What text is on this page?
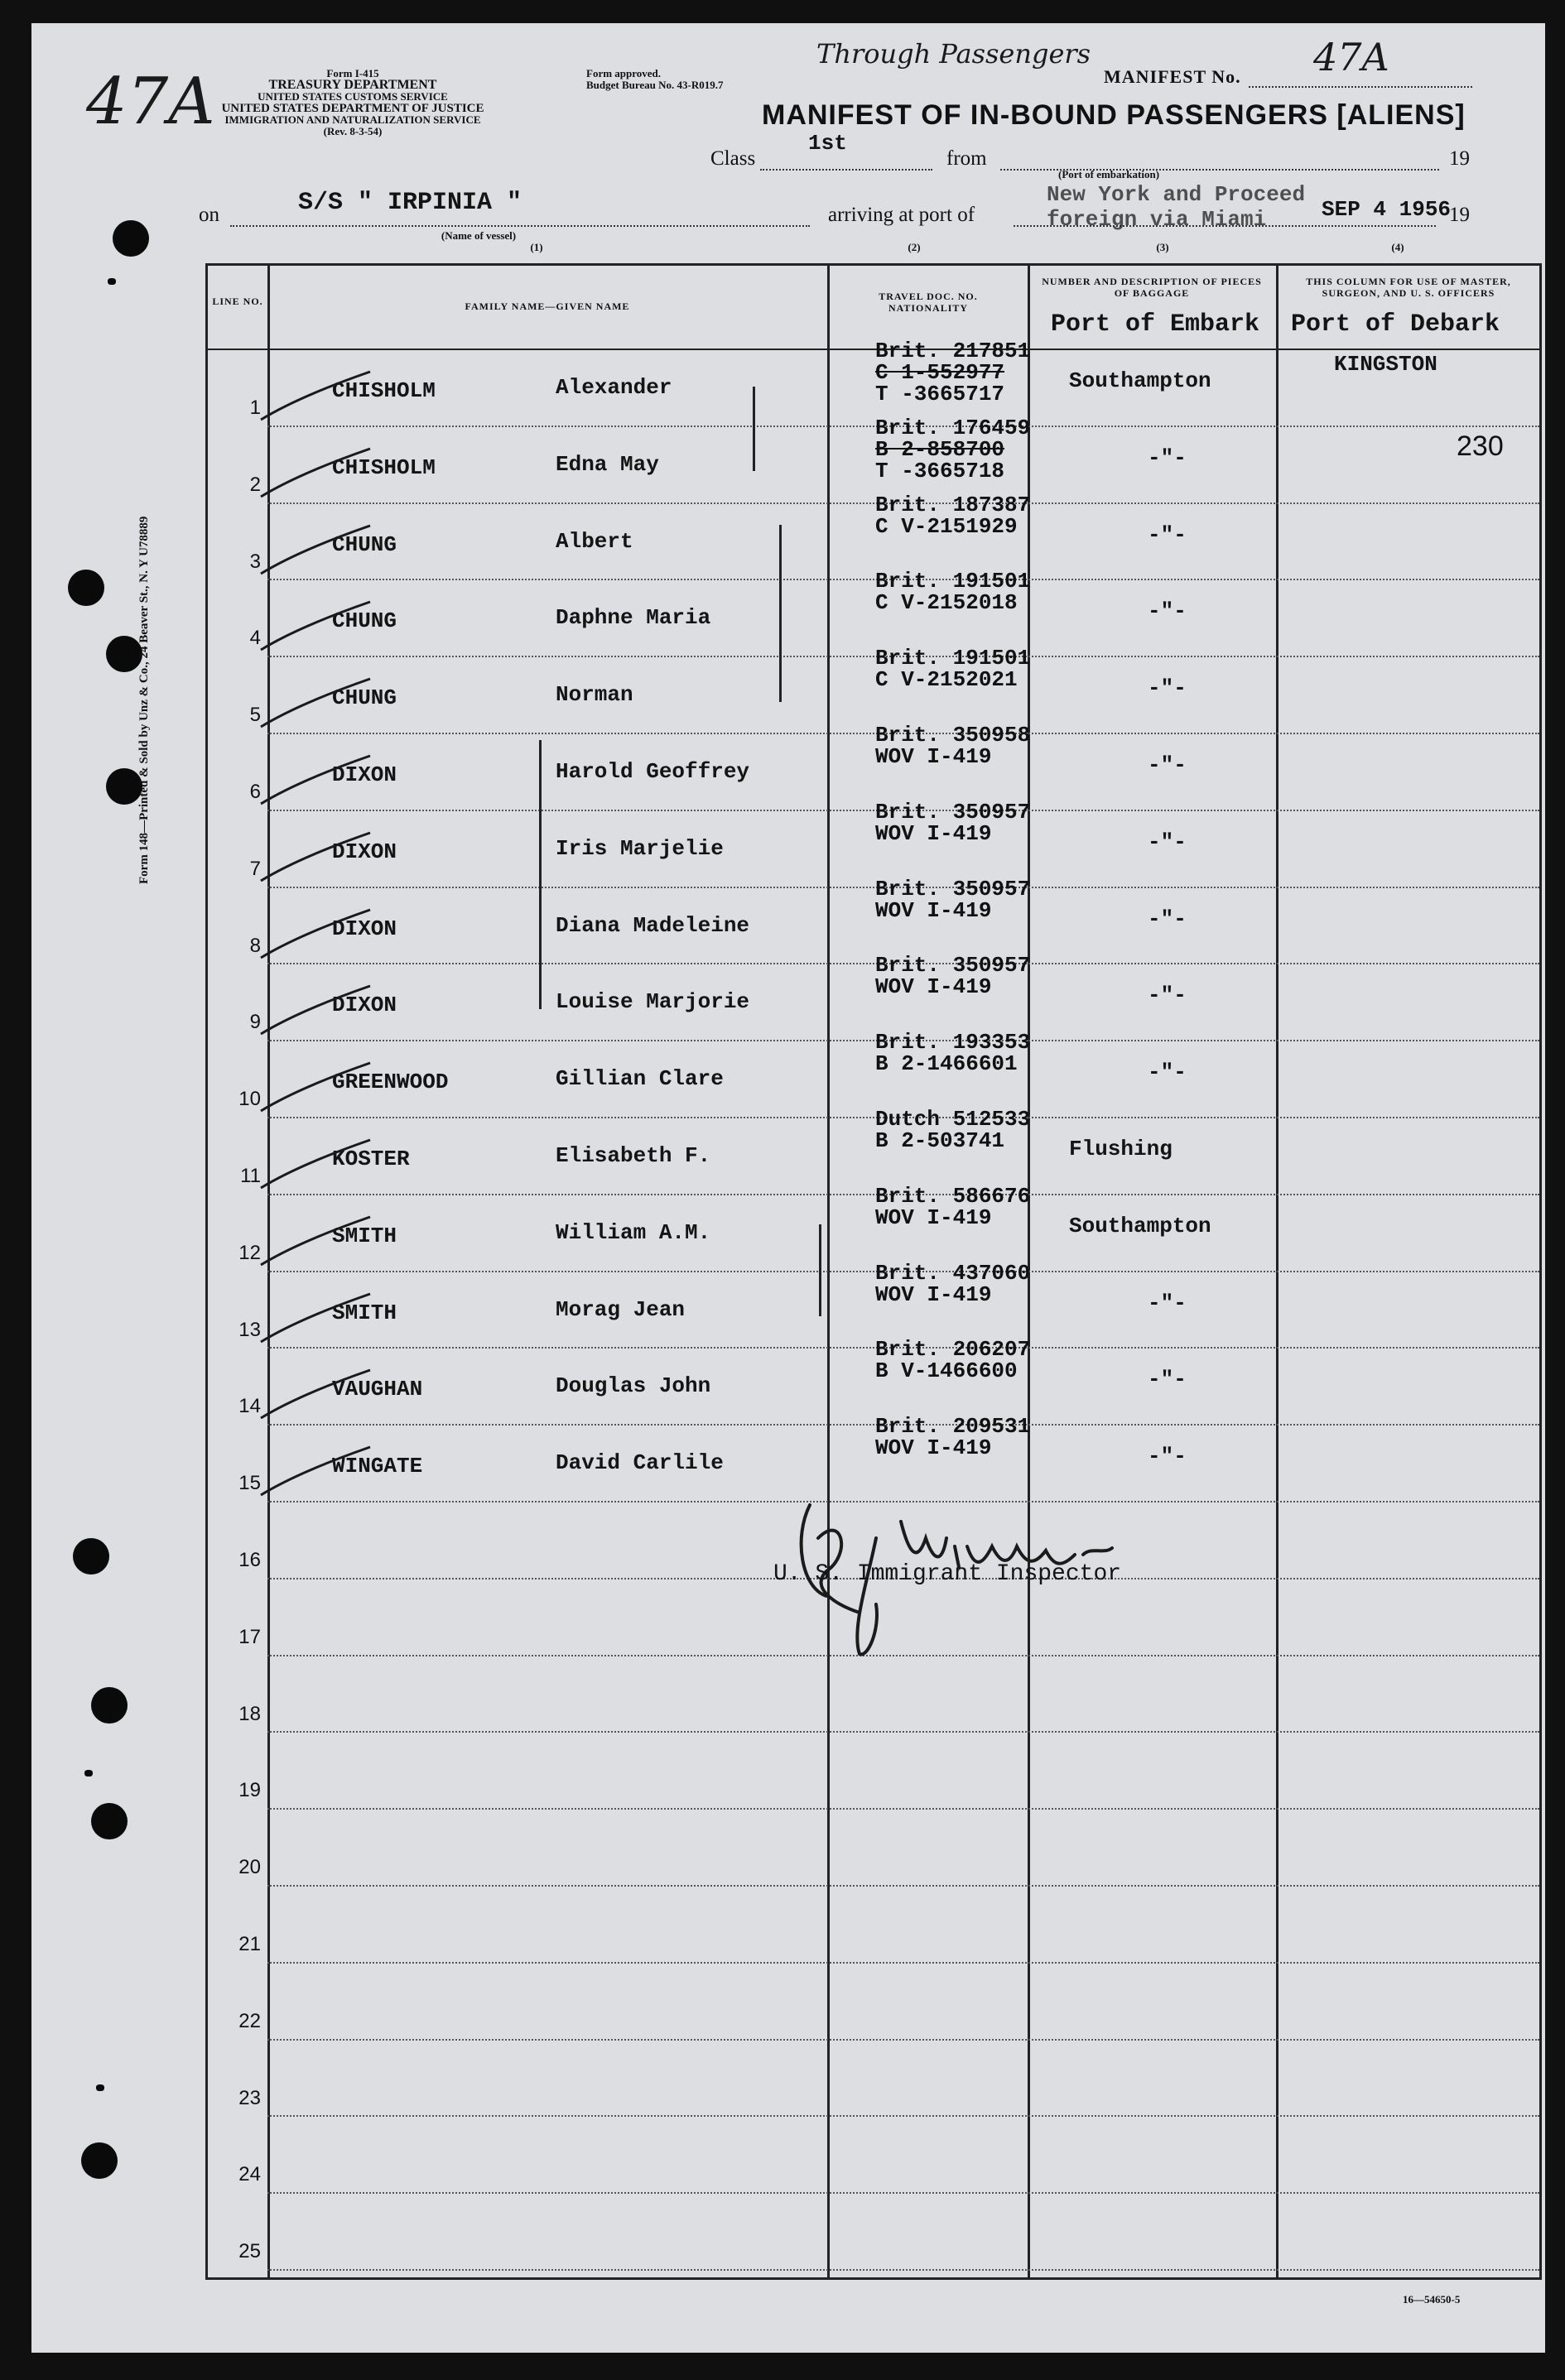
47A
Form 148—Printed & Sold by Unz & Co., 24 Beaver St., N. Y U78889
Form I-415
TREASURY DEPARTMENT
UNITED STATES CUSTOMS SERVICE
UNITED STATES DEPARTMENT OF JUSTICE
IMMIGRATION AND NATURALIZATION SERVICE
(Rev. 8-3-54)
Form approved.
Budget Bureau No. 43-R019.7
Through Passengers
MANIFEST No. 47A
MANIFEST OF IN-BOUND PASSENGERS [ALIENS]
Class
1st
from	19
on	S/S " IRPINIA "
(Name of vessel)
(1)
arriving at port of
(2)
(Port of embarkation)
New York and Proceed
foreign via Miami
(3)
SEP 4 1956
19
(4)
LINE NO.	FAMILY NAME—GIVEN NAME
TRAVEL DOC. NO. NATIONALITY
NUMBER AND DESCRIPTION OF PIECES OF BAGGAGE
Port of Embark
THIS COLUMN FOR USE OF MASTER, SURGEON, AND U. S. OFFICERS
Port of Debark
1
CHISHOLM	Alexander
Brit. 217851
C 1-552977
T -3665717
Southampton
KINGSTON
2
CHISHOLM	Edna May
Brit. 176459
B 2-858700
T -3665718
-"-	230
3
CHUNG	Albert
Brit. 187387
C V-2151929	-"-
4
CHUNG	Daphne Maria
Brit. 191501
C V-2152018	-"-
5
CHUNG	Norman
Brit. 191501
C V-2152021	-"-
6
DIXON	Harold Geoffrey
Brit. 350958
WOV I-419	-"-
7
DIXON	Iris Marjelie
Brit. 350957
WOV I-419	-"-
8
DIXON	Diana Madeleine
Brit. 350957
WOV I-419	-"-
9
DIXON	Louise Marjorie
Brit. 350957
WOV I-419	-"-
10
GREENWOOD	Gillian Clare
Brit. 193353
B 2-1466601	-"-
11
KOSTER	Elisabeth F.
Dutch 512533
B 2-503741	Flushing
12
SMITH	William A.M.
Brit. 586676
WOV I-419	Southampton
13
SMITH	Morag Jean
Brit. 437060
WOV I-419	-"-
14
VAUGHAN	Douglas John
Brit. 206207
B V-1466600	-"-
15
WINGATE	David Carlile
Brit. 209531
WOV I-419	-"-
16
17
18
19
20
21
22
23
24
25
U. S. Immigrant Inspector
16—54650-5
